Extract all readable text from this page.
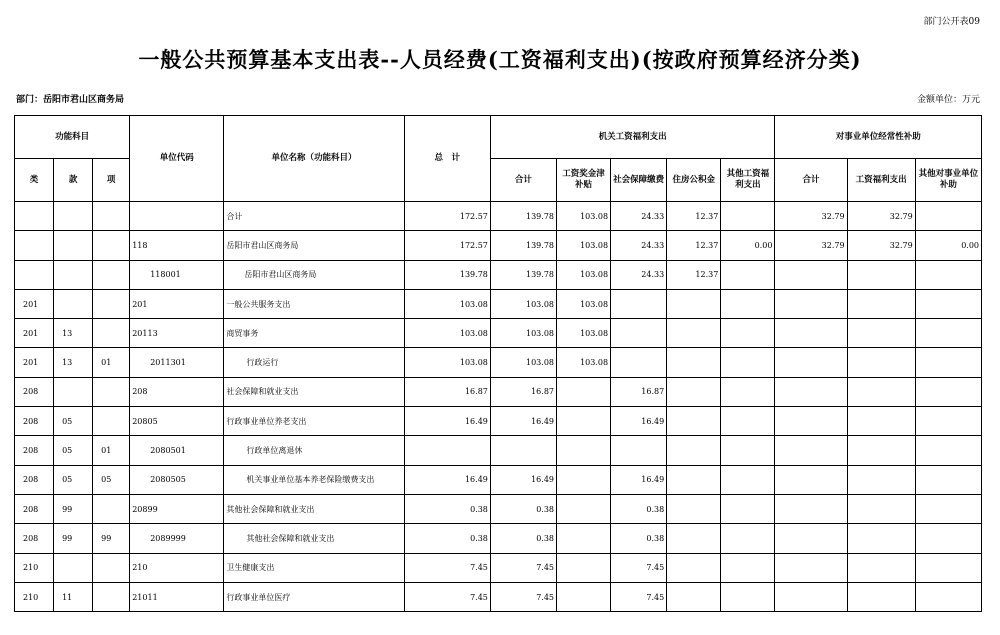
部门公开表09
一般公共预算基本支出表--人员经费(工资福利支出)(按政府预算经济分类)
部门：岳阳市君山区商务局	金额单位：万元
功能科目			单位代码	单位名称（功能科目）	总　计	机关工资福利支出					对事业单位经常性补助		
类	款	项				合计	工资奖金津补贴	社会保障缴费	住房公积金	其他工资福利支出	合计	工资福利支出	其他对事业单位补助
				合计	172.57	139.78	103.08	24.33	12.37		32.79	32.79	
			118	岳阳市君山区商务局	172.57	139.78	103.08	24.33	12.37	0.00	32.79	32.79	0.00
			118001	岳阳市君山区商务局	139.78	139.78	103.08	24.33	12.37				
201			201	一般公共服务支出	103.08	103.08	103.08						
201	13		20113	商贸事务	103.08	103.08	103.08						
201	13	01	2011301	行政运行	103.08	103.08	103.08						
208			208	社会保障和就业支出	16.87	16.87		16.87					
208	05		20805	行政事业单位养老支出	16.49	16.49		16.49					
208	05	01	2080501	行政单位离退休									
208	05	05	2080505	机关事业单位基本养老保险缴费支出	16.49	16.49		16.49					
208	99		20899	其他社会保障和就业支出	0.38	0.38		0.38					
208	99	99	2089999	其他社会保障和就业支出	0.38	0.38		0.38					
210			210	卫生健康支出	7.45	7.45		7.45					
210	11		21011	行政事业单位医疗	7.45	7.45		7.45					
